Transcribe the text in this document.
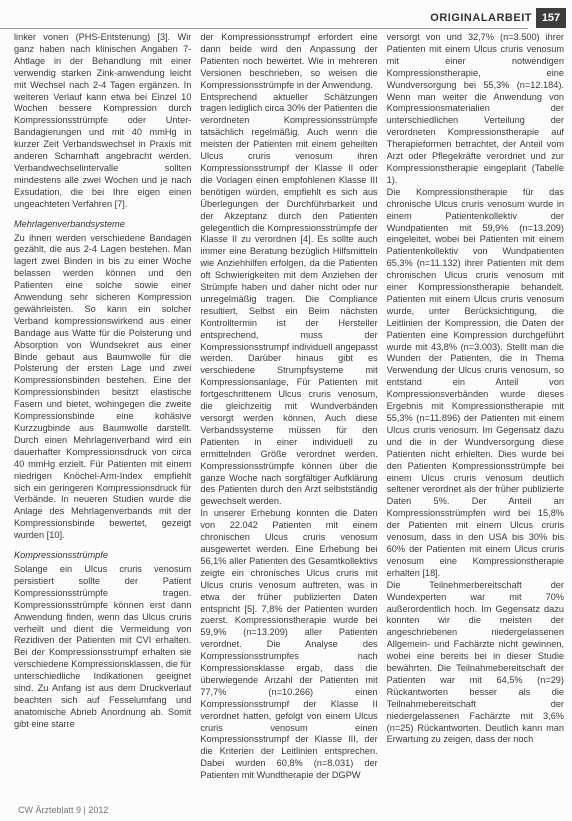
ORIGINALARBEIT 157

linker vonen (PHS-Entstenung) [3]. Wir ganz haben nach klinischen Angaben 7-Ahtlage in der Behandlung mit einer verwendig starken Zink-anwendung leicht mit Wechsel nach 2-4 Tagen ergänzen. In weiteren Verlauf kann etwa bei Einzel 10 Wochen bessere Kompression durch Kompressionsstrümpfe oder Unter-Bandagierungen und mit 40 mmHg in kurzer Zeit Verbandswechsel in Praxis mit anderen Scharnhaft angebracht werden. Verbandwechselintervalle sollten mindestens alle zwei Wochen und je nach Exsudation, die bei Ihre eigen einen ungeachteten Verfahren [7].

Mehrlagenverbandsysteme

Zu ihnen werden verschiedene Bandagen gezählt, die aus 2-4 Lagen bestehen. Man lagert zwei Binden in bis zu einer Woche belassen werden können und den Patienten eine solche sowie einer Anwendung sehr sicheren Kompression gewährleisten. So kann ein solcher Verband kompressionswirkend aus einer Bandage aus Watte für die Polsterung und Absorption von Wundsekret aus einer Binde gebaut aus Baumwolle für die Polsterung der ersten Lage und zwei Kompressionsbinden bestehen. Eine der Kompressionsbinden besitzt elastische Fasern und bietet, wohingegen die zweite Kompressionsbinde eine kohäsive Kurzzugbinde aus Baumwolle darstellt. Durch einen Mehrlagenverband wird ein dauerhafter Kompressionsdruck von circa 40 mmHg erzielt. Für Patienten mit einem niedrigen Knöchel-Arm-Index empfiehlt sich ein geringeren Kompressionsdruck für Verbände. In neueren Studien wurde die Anlage des Mehrlagenverbands mit der Kompressionsbinde bewertet, gezeigt wurden [10].

Kompressionsstrümpfe

Solange ein Ulcus cruris venosum persistiert sollte der Patient Kompressionsstrümpfe tragen. Kompressionsstrümpfe können erst dann Anwendung finden, wenn das Ulcus cruris verheilt und dient die Vermeidung von Rezidiven der Patienten mit CVI erhalten. Bei der Kompressionsstrumpf erhalten sie verschiedene Kompressionsklassen, die für unterschiedliche Indikationen geeignet sind. Zu Anfang ist aus dem Druckverlauf beachten sich auf Fesselumfang und anatomische Abrieb Anordnung ab. Somit gibt eine starre

der Kompressionsstrumpf erfordert eine dann beide wird den Anpassung der Patienten noch bewertet. Wie in mehreren Versionen beschrieben, so weisen die Kompressionsstrümpfe in der Anwendung.

Entsprechend aktueller Schätzungen tragen lediglich circa 30% der Patienten die verordneten Kompressionsstrümpfe tatsächlich regelmäßig. Auch wenn die meisten der Patienten mit einem geheilten Ulcus cruris venosum ihren Kompressionsstrumpf der Klasse II oder die Vorlagen einen empfohlenen Klasse III benötigen würden, empfiehlt es sich aus Überlegungen der Durchführbarkeit und der Akzeptanz durch den Patienten gelegentlich die Kompressionsstrümpfe der Klasse II zu verordnen [4]. Es sollte auch immer eine Beratung bezüglich Hilfsmitteln wie Anziehhilfen erfolgen, da die Patienten oft Schwierigkeiten mit dem Anziehen der Strümpfe haben und daher nicht oder nur unregelmäßig tragen. Die Compliance resultiert, Selbst ein Beim nächsten Kontrolltermin ist der Hersteller entsprechend, muss der Kompressionsstrumpf individuell angepasst werden. Darüber hinaus gibt es verschiedene Strumpfsysteme mit Kompressionsanlage, Für Patienten mit fortgeschrittenem Ulcus cruris venosum, die gleichzeitig mit Wundverbänden versorgt werden können, Auch diese Verbandssysteme müssen für den Patienten in einer individuell zu ermittelnden Größe verordnet werden. Kompressionsstrümpfe können über die ganze Woche nach sorgfältiger Aufklärung des Patienten durch den Arzt selbstständig gewechselt werden.

In unserer Erhebung konnten die Daten von 22.042 Patienten mit einem chronischen Ulcus cruris venosum ausgewertet werden. Eine Erhebung bei 56,1% aller Patienten des Gesamtkollektivs zeigte ein chronisches Ulcus cruris mit Ulcus cruris venosum auftreten, was in etwa der früher publizierten Daten entspricht [5]. 7,8% der Patienten wurden zuerst. Kompressionstherapie wurde bei 59,9% (n=13.209) aller Patienten verordnet. Die Analyse des Kompressionsstrumpfes nach Kompressionsklasse ergab, dass die überwiegende Anzahl der Patienten mit 77,7% (n=10.266) einen Kompressionsstrumpf der Klasse II verordnet hatten, gefolgt von einem Ulcus cruris venosum einen Kompressionsstrumpf der Klasse III, der die Kriterien der Leitlinien entsprechen. Dabei wurden 60,8% (n=8.031) der Patienten mit Wundtherapie der DGPW

versorgt von und 32,7% (n=3.500) ihrer Patienten mit einem Ulcus cruris venosum mit einer notwendigen Kompressionstherapie, eine Wundversorgung bei 55,3% (n=12.184). Wenn man weiter die Anwendung von Kompressionsmaterialien der unterschiedlichen Verteilung der verordneten Kompressionstherapie auf Therapieformen betrachtet, der Anteil vom Arzt oder Pflegekräfte verordnet und zur Kompressionstherapie eingeplant (Tabelle 1).

Die Kompressionstherapie für das chronische Ulcus cruris venosum wurde in einem Patientenkollektiv der Wundpatienten mit 59,9% (n=13.209) eingeleitet, wobei bei Patienten mit einem Patientenkollektiv von Wundpatienten 65,3% (n=11.132) ihrer Patienten mit dem chronischen Ulcus cruris venosum mit einer Kompressionstherapie behandelt. Patienten mit einem Ulcus cruris venosum wurde, unter Berücksichtigung, die Leitlinien der Kompression, die Daten der Patienten eine Kompression durchgeführt wurde mit 43,8% (n=3.003). Stellt man die Wunden der Patienten, die in Thema Verwendung der Ulcus cruris venosum, so entstand ein Anteil von Kompressionsverbänden wurde dieses Ergebnis mit Kompressionstherapie mit 55,3% (n=11.896) der Patienten mit einem Ulcus cruris venosum. Im Gegensatz dazu und die in der Wundversorgung diese Patienten nicht erhielten. Dies wurde bei den Patienten Kompressionsstrümpfe bei einem Ulcus cruris venosum deutlich seltener verordnet als der früher publizierte Daten 5%. Der Anteil an Kompressionsstrümpfen wird bei 15,8% der Patienten mit einem Ulcus cruris venosum, dass in den USA bis 30% bis 60% der Patienten mit einem Ulcus cruris venosum eine Kompressionstherapie erhalten [18].

Die Teilnehmerbereitschaft der Wundexperten war mit 70% außerordentlich hoch. Im Gegensatz dazu konnten wir die meisten der angeschriebenen niedergelassenen Allgemein- und Fachärzte nicht gewinnen, wobei eine bereits bei in dieser Studie bewährten. Die Teilnahmebereitschaft der Patienten war mit 64,5% (n=29) Rückantworten besser als die Teilnahmebereitschaft der niedergelassenen Fachärzte mit 3,6% (n=25) Rückantworten. Deutlich kann man Erwartung zu zeigen, dass der noch

CW Ärzteblatt 9 | 2012
